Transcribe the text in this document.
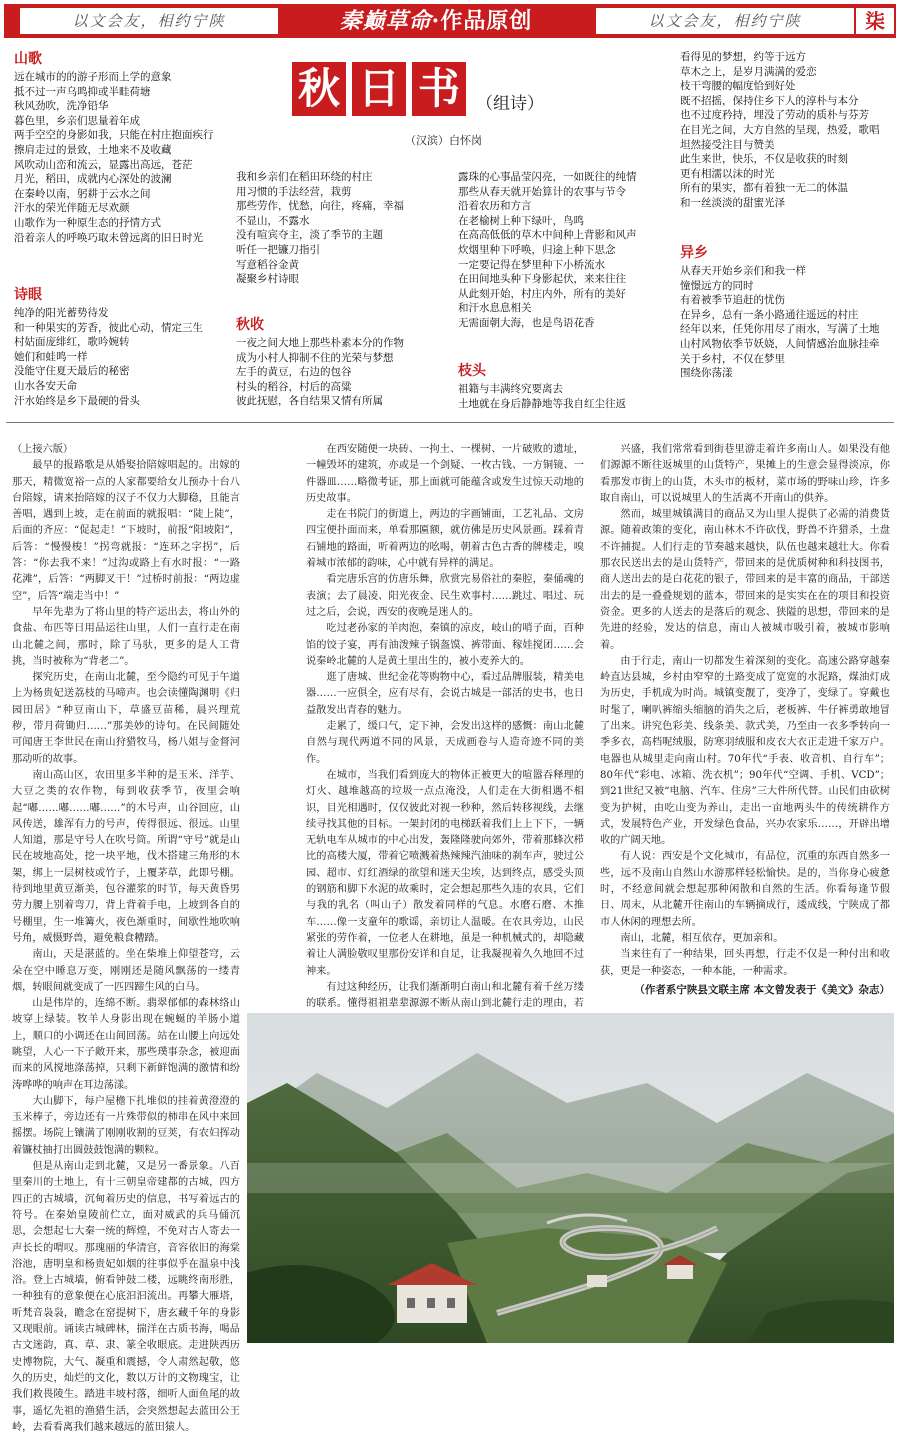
以文会友，相约宁陕	秦巅草命·作品原创	以文会友，相约宁陕	柒
秋 日 书 （组诗）
（汉滨）白怀岗
山歌
远在城市的的游子形而上学的意象
抵不过一声乌鸣抑或半畦荷塘
秋风劲吹，洗净铅华
暮色里，乡亲们思量着年成
两手空空的身影如我，只能在村庄抱面疾行
擦肩走过的景致，土地来不及收藏
风吹动山峦和流云，显露出高远，苍茫
月光，稻田，成就内心深处的波澜
在秦岭以南，躬耕于云水之间
汗水的荣光伴随无尽欢颜
山歌作为一种原生态的抒情方式
沿着亲人的呼唤巧取未曾远离的旧日时光
诗眼
纯净的阳光蓄势待发
和一种果实的芳香，彼此心动，情定三生
村姑面庞绯红，歌吟婉转
她们和蛙鸣一样
没能守住夏天最后的秘密
山水各安天命
汗水始终是乡下最硬的骨头
我和乡亲们在稻田环绕的村庄
用习惯的手法经营，栽剪
那些劳作，忧愁，向往，疼痛，幸福
不显山，不露水
没有喧宾夺主，淡了季节的主题
听任一把镰刀指引
写意稻谷金黄
凝聚乡村诗眼
秋收
一夜之间大地上那些朴素本分的作物
成为小村人抑制不住的光荣与梦想
左手的黄豆，右边的包谷
村头的稻谷，村后的高粱
彼此抚慰，各自结果又情有所属
露珠的心事晶莹闪亮，一如既往的纯情
那些从春天就开始算计的农事与节令
沿着农历和方言
在老榆树上种下绿叶，鸟鸣
在高高低低的草木中间种上背影和风声
炊烟里种下呼唤，归途上种下思念
一定要记得在梦里种下小桥流水
在田间地头种下身影起伏，来来往往
从此刻开始，村庄内外，所有的美好
和汗水息息相关
无需面朝大海，也是鸟语花香
枝头
祖籍与丰满终究要离去
土地就在身后静静地等我自红尘往返
看得见的梦想，约等于远方
草木之上，是岁月满满的爱恋
枝干弯腰的幅度恰到好处
既不招摇，保持住乡下人的淳朴与本分
也不过度矜持，埋没了劳动的质朴与芬芳
在目光之间，大方自然的呈现，热爱，歌唱
坦然接受注目与赞美
此生来世，快乐，不仅是收获的时刻
更有相濡以沫的时光
所有的果实，都有着独一无二的体温
和一丝淡淡的甜蜜光泽
异乡
从春天开始乡亲们和我一样
憧憬远方的同时
有着被季节追赶的忧伤
在异乡，总有一条小路通往遥远的村庄
经年以来，任凭你用尽了雨水，写满了土地
山村风物依季节妖娆，人间情感治血脉挂牵
关于乡村，不仅在梦里
围绕你荡漾

（上接六版）

最早的报路歌是从婚娶拾陪嫁唱起的。出嫁的那天，精微宽裕一点的人家都要给女儿预办十台八台陪嫁，请来抬陪嫁的汉子不仅力大脚稳，且能言善唱，遇到上坡，走在前面的就报唱：“陡上陡”，后面的齐应：“促起走！”下坡时，前报“阳坡阳”，后答：“慢慢梭！”拐弯就报：“连环之字拐”，后答：“你去我不来！”过沟或路上有水时报：“一路花滩”，后答：“两脚叉干！”过桥时前报：“两边虚空”，后答“端走当中！”

早年先辈为了将山里的特产运出去，将山外的食盐、布匹等日用品运往山里，人们一直行走在南山北麓之间，那时，除了马驮，更多的是人工背挑，当时被称为“背老二”。

探究历史，在南山北麓，至今隐约可见于午道上为杨贵妃送荔枝的马啼声。也会读懂陶渊明《归园田居》“种豆南山下，草盛豆苗稀，晨兴理荒秽，带月荷锄归……”那美妙的诗句。在民间随处可闻唐王李世民在南山狩猎牧马，杨八姐与金督河那动听的故事。

南山高山区，农田里多半种的是玉米、洋芋、大豆之类的农作物，每到收获季节，夜里会响起“嘟……嘟……嘟……”的木号声，山谷回应，山风传送，雄浑有力的号声，传得很远、很远。山里人知道，那是守号人在吹号筒。所谓“守号”就是山民在坡地高处，挖一块平地，伐木搭建三角形的木架，绑上一层树枝或竹子，上覆茅草，此即号棚。待到地里黄豆渐美，包谷灌浆的时节，每天黄昏男劳力腰上别着弯刀，背上背着手电，上坡到各自的号棚里，生一堆篝火，夜色渐重时，间歇性地吹响号角，威慑野兽，避免粮食糟踏。

南山，天是湛蓝的。坐在柴堆上仰望苍穹，云朵在空中睡息万变，刚刚还是随风飘荡的一缕青烟，转眼间就变成了一匹四蹄生风的白马。

山是伟岸的，连绵不断。翡翠郁郁的森林络山坡穿上绿装。牧羊人身影出现在蜿蜒的羊肠小道上，顺口的小调还在山间回荡。站在山腰上向远处眺望，人心一下子敞开来，那些璞事杂念，被迎面而来的风搅地涤荡掉，只剩下新鲜饱满的激情和纷涛哗哗的响声在耳边荡漾。

大山脚下，每户屋檐下扎堆似的挂着黄澄澄的玉米棒子，旁边还有一片殊带似的柿串在风中来回摇摆。场院上镶满了刚刚收割的豆荚，有农妇挥动着镰杖抽打出圆鼓鼓饱满的颗粒。

但是从南山走到北麓，又是另一番景象。八百里秦川的土地上，有十三朝皇帝建都的古城，四方四正的古城墙，沉甸着历史的信息，书写着远古的符号。在秦始皇陵前伫立，面对威武的兵马俑沉思，会想起七大秦一统的辉煌，不免对古人寄去一声长长的喟叹。那瑰丽的华清宫，音容依旧的海棠浴池，唐明皇和杨贵妃如烟的往事似乎在温泉中浅浴。登上古城墙，俯看钟鼓二楼，远眺终南形胜，一种独有的意象便在心底汩汩流出。再攀大雁塔，听梵音袅袅，瞻念在窑提树下，唐玄藏千年的身影又现眼前。诵读古城碑林，揣洋在古质书海，喝品古文迷韵，真、草、隶、篆全收眼底。走进陕西历史博物院，大气、凝重和震撼，令人肃然起敬，悠久的历史，灿烂的文化，数以万计的文物瑰宝，让我们救畏陵生。踏进丰坡村落，细听人面鱼尾的故事，遥忆先祖的渔猎生活，会突然想起去蓝田公王岭，去看看离我们越来越远的蓝田猿人。

在西安随便一块砖、一拘土、一棵树、一片破败的遗址，一幢毁坏的建筑，亦或是一个剑疑、一枚古钱、一方铜镜、一件器皿……略微考证，那上面就可能蕴含或发生过惊天动地的历史故事。

走在书院门的街道上，两边的字画铺面，工艺礼品、文房四宝便扑面而来，单看那匾额，就仿佛是历史风景画。踩着青石铺地的路面，听着两边的吆喝，朝着古色古香的牌楼走，嗅着城市浓郁的韵味，心中就有异样的满足。

看完唐乐宫的仿唐乐舞，欣赏完易俗社的秦腔，秦俑魂的表演；去了晨凌、阳光夜金、民生欢事村……跳过、唱过、玩过之后，会说，西安的夜晚是迷人的。

吃过老孙家的羊肉泡，秦镇的凉皮，岐山的哨子面，百种馅的饺子宴，再有油泼辣子锅盔馍、裤带面、稼娃搅团……会说秦岭北麓的人是黄土里出生的，被小麦养大的。

逛了唐城、世纪金花等购物中心，看过品牌服装，精美电器……一应俱全，应有尽有，会说古城是一部活的史书，也日益散发出青春的魅力。

走累了，缓口气，定下神，会发出这样的感慨：南山北麓自然与现代两道不同的风景，天成画卷与人造奇迹不同的美作。

在城市，当我们看到庞大的物体正被更大的喧嚣吞释理的灯火、越堆越高的垃圾一点点淹没，人们走在大街相遇不相识，目光相遇时，仅仅彼此对视一秒种，然后转移视线，去继续寻找其他的目标。一架封闭的电梯跃着我们上上下下，一辆无轨电车从城市的中心出发，轰隆隆驶向郊外，带着那蜂次栉比的高楼大厦，带着它喷溅着热辣辣汽油味的刹车声，驶过公园、超市、灯红酒绿的欲望和迷天尘埃，达到终点，感受头顶的钢筋和脚下水泥的故乘时，定会想起那些久违的农具，它们与我的乳名（叫山子）散发着同样的气息。水磨石磨、木推车……像一支童年的歌谣，亲切让人温暖。在农具旁边，山民紧张的劳作着，一位老人在耕地，虽是一种机械式的，却隐藏着让人满脸敬叹里那份安详和自足，让我凝视着久久地回不过神来。

有过这种经历，让我们渐渐明白南山和北麓有着千丝万缕的联系。懂得祖祖辈辈源源不断从南山到北麓行走的理由，若

兴盛，我们常常看到街巷里游走着许多南山人。如果没有他们源源不断往返城里的山货特产，果摊上的生意会显得淡凉，你看那发市街上的山货，木头市的板材，菜市场的野味山珍，许多取自南山，可以说城里人的生活离不开南山的供养。

然而，城里城镇满目的商品又为山里人提供了必需的消费货源。随着政策的变化，南山林木不许砍伐，野兽不许猎杀，土盘不许捕捉。人们行走的节奏越来越快，队伍也越来越壮大。你看那农民送出去的是山货特产，带回来的是优质树种和科技图书，商人送出去的是白花花的银子，带回来的是丰富的商品，干部送出去的是一叠叠规划的蓝本，带回来的是实实在在的项目和投资资金。更多的人送去的是落后的观念、狭隘的思想，带回来的是先进的经验，发达的信息，南山人被城市吸引着，被城市影响着。

由于行走，南山一切都发生着深刻的变化。高速公路穿越秦岭直达县城，乡村由窄窄的土路变成了宽宽的水泥路，煤油灯成为历史，手机成为时尚。城镇变靓了，变净了，变绿了。穿戴也时髦了，喇叭裤缩头缩脑的消失之后，老板裤、牛仔裤勇敢地冒了出来。讲究色彩美、线条美、款式美，乃至由一衣多季转向一季多衣，高档呢绒服，防寒羽绒服和皮衣大衣正走进千家万户。电器也从城里走向南山村。70年代“手表、收音机、自行车”；80年代“彩电、冰箱、洗衣机”；90年代“空调、手机、VCD”；到21世纪又被“电脑、汽车、住房”三大件所代替。山民们由砍树变为护树，由吃山变为养山，走出一亩地两头牛的传统耕作方式，发展特色产业，开发绿色食品，兴办农家乐……，开辟出增收的广阔天地。

有人说：西安是个文化城市，有品位，沉重的东西自然多一些，远不及南山自然山水游那样轻松愉快。是的，当你身心疲惫时，不经意间就会想起那种闲散和自然的生活。你看每逢节假日、周末，从北麓开往南山的车辆摘成行，逶成线，宁陕成了都市人休闲的理想去所。

南山，北麓，相互依存，更加亲和。

当来往有了一种结果，回头再想，行走不仅是一种付出和收获，更是一种姿态，一种本能，一种需求。

（作者系宁陕县文联主席 本文曾发表于《美文》杂志）
